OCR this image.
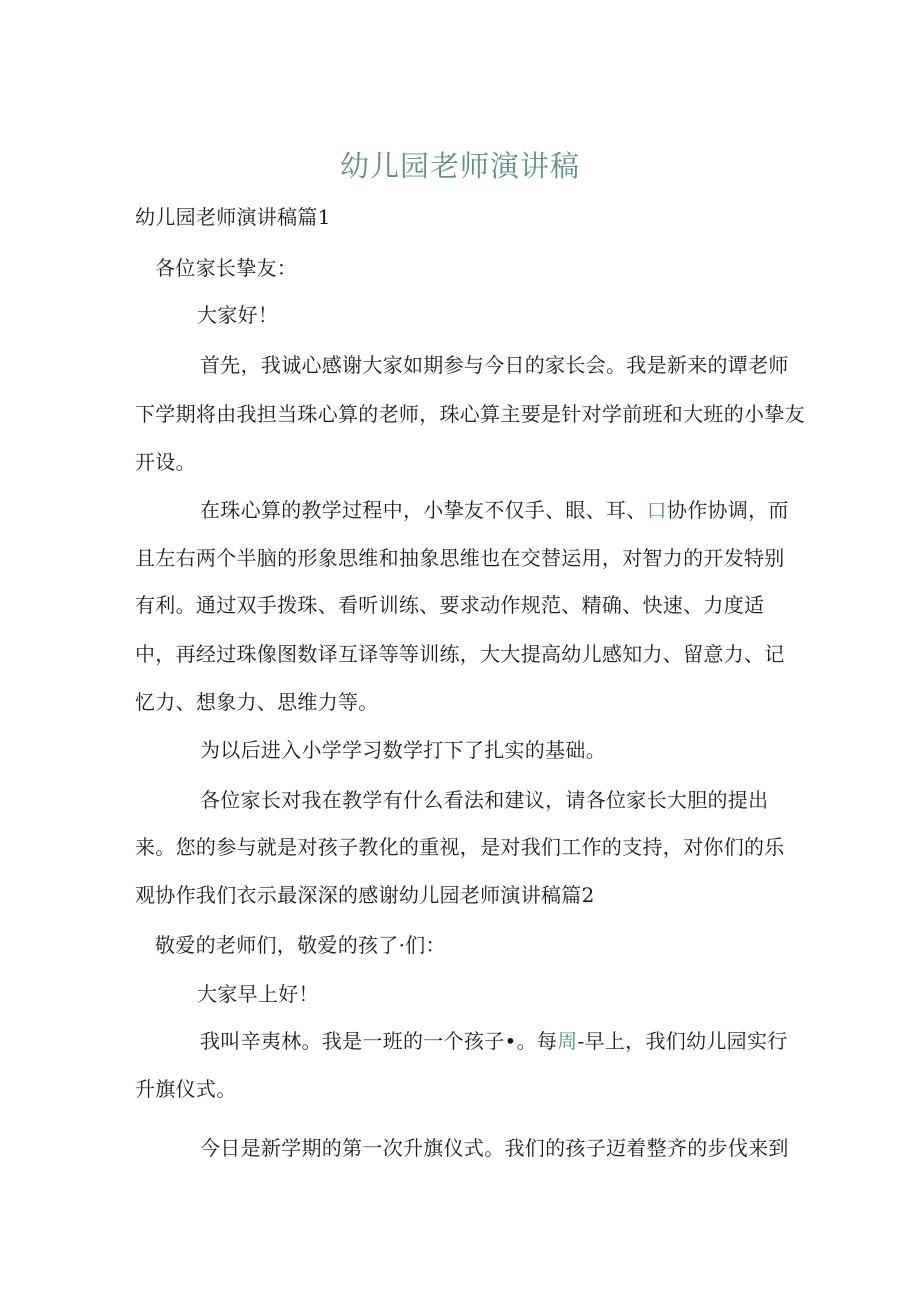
幼儿园老师演讲稿
幼儿园老师演讲稿篇1
各位家长挚友：
大家好！
首先，我诚心感谢大家如期参与今日的家长会。我是新来的谭老师
下学期将由我担当珠心算的老师，珠心算主要是针对学前班和大班的小挚友
开设。
在珠心算的教学过程中，小挚友不仅手、眼、耳、口协作协调，而
且左右两个半脑的形象思维和抽象思维也在交替运用，对智力的开发特别
有利。通过双手拨珠、看听训练、要求动作规范、精确、快速、力度适
中，再经过珠像图数译互译等等训练，大大提高幼儿感知力、留意力、记
忆力、想象力、思维力等。
为以后进入小学学习数学打下了扎实的基础。
各位家长对我在教学有什么看法和建议，请各位家长大胆的提出
来。您的参与就是对孩子教化的重视，是对我们工作的支持，对你们的乐
观协作我们衣示最深深的感谢幼儿园老师演讲稿篇2
敬爱的老师们，敬爱的孩了·们：
大家早上好！
我叫辛夷林。我是一班的一个孩子•。每周-早上，我们幼儿园实行
升旗仪式。
今日是新学期的第一次升旗仪式。我们的孩子迈着整齐的步伐来到
